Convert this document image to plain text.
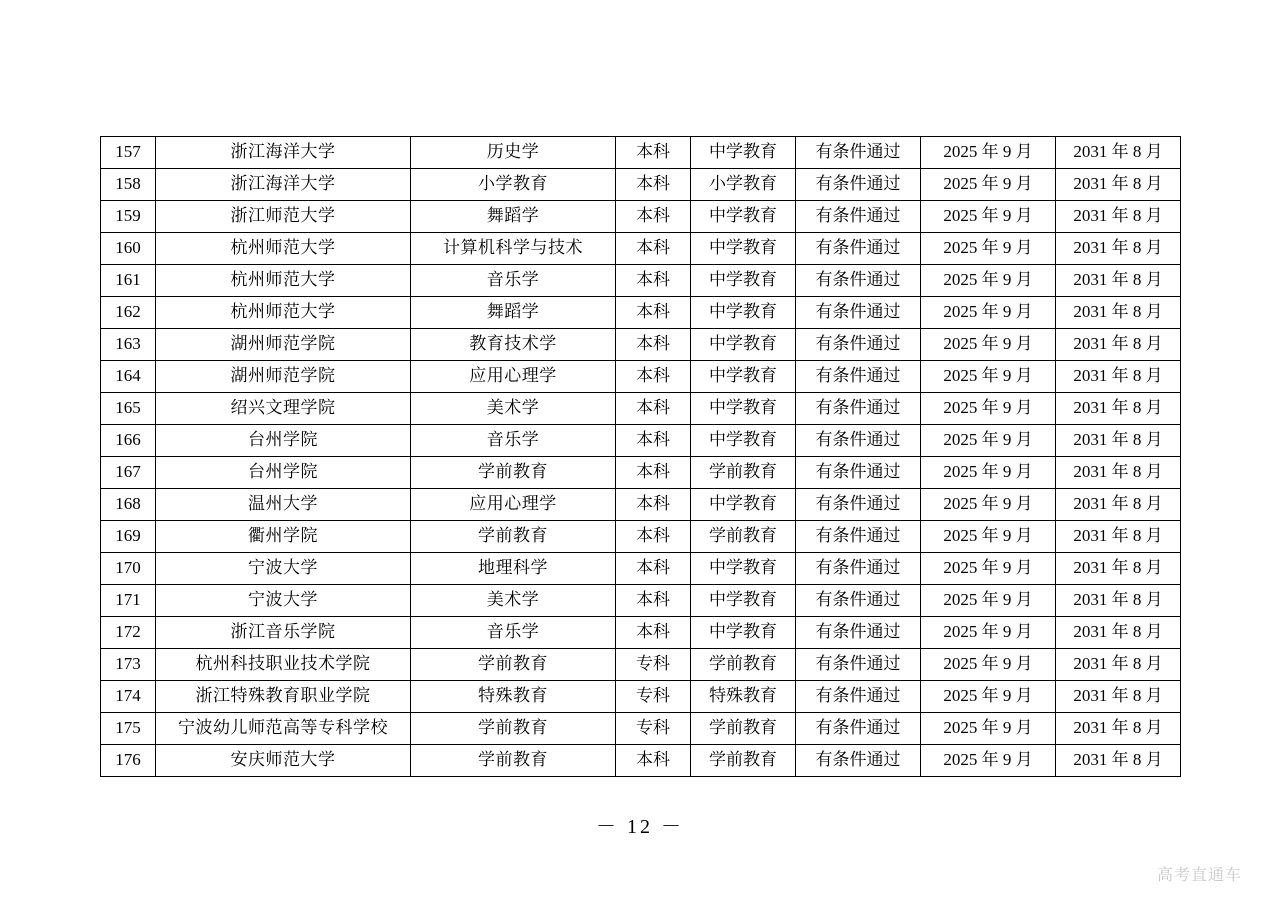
157	浙江海洋大学	历史学	本科	中学教育	有条件通过	2025 年 9 月	2031 年 8 月
158	浙江海洋大学	小学教育	本科	小学教育	有条件通过	2025 年 9 月	2031 年 8 月
159	浙江师范大学	舞蹈学	本科	中学教育	有条件通过	2025 年 9 月	2031 年 8 月
160	杭州师范大学	计算机科学与技术	本科	中学教育	有条件通过	2025 年 9 月	2031 年 8 月
161	杭州师范大学	音乐学	本科	中学教育	有条件通过	2025 年 9 月	2031 年 8 月
162	杭州师范大学	舞蹈学	本科	中学教育	有条件通过	2025 年 9 月	2031 年 8 月
163	湖州师范学院	教育技术学	本科	中学教育	有条件通过	2025 年 9 月	2031 年 8 月
164	湖州师范学院	应用心理学	本科	中学教育	有条件通过	2025 年 9 月	2031 年 8 月
165	绍兴文理学院	美术学	本科	中学教育	有条件通过	2025 年 9 月	2031 年 8 月
166	台州学院	音乐学	本科	中学教育	有条件通过	2025 年 9 月	2031 年 8 月
167	台州学院	学前教育	本科	学前教育	有条件通过	2025 年 9 月	2031 年 8 月
168	温州大学	应用心理学	本科	中学教育	有条件通过	2025 年 9 月	2031 年 8 月
169	衢州学院	学前教育	本科	学前教育	有条件通过	2025 年 9 月	2031 年 8 月
170	宁波大学	地理科学	本科	中学教育	有条件通过	2025 年 9 月	2031 年 8 月
171	宁波大学	美术学	本科	中学教育	有条件通过	2025 年 9 月	2031 年 8 月
172	浙江音乐学院	音乐学	本科	中学教育	有条件通过	2025 年 9 月	2031 年 8 月
173	杭州科技职业技术学院	学前教育	专科	学前教育	有条件通过	2025 年 9 月	2031 年 8 月
174	浙江特殊教育职业学院	特殊教育	专科	特殊教育	有条件通过	2025 年 9 月	2031 年 8 月
175	宁波幼儿师范高等专科学校	学前教育	专科	学前教育	有条件通过	2025 年 9 月	2031 年 8 月
176	安庆师范大学	学前教育	本科	学前教育	有条件通过	2025 年 9 月	2031 年 8 月
－ 12 －
高考直通车
